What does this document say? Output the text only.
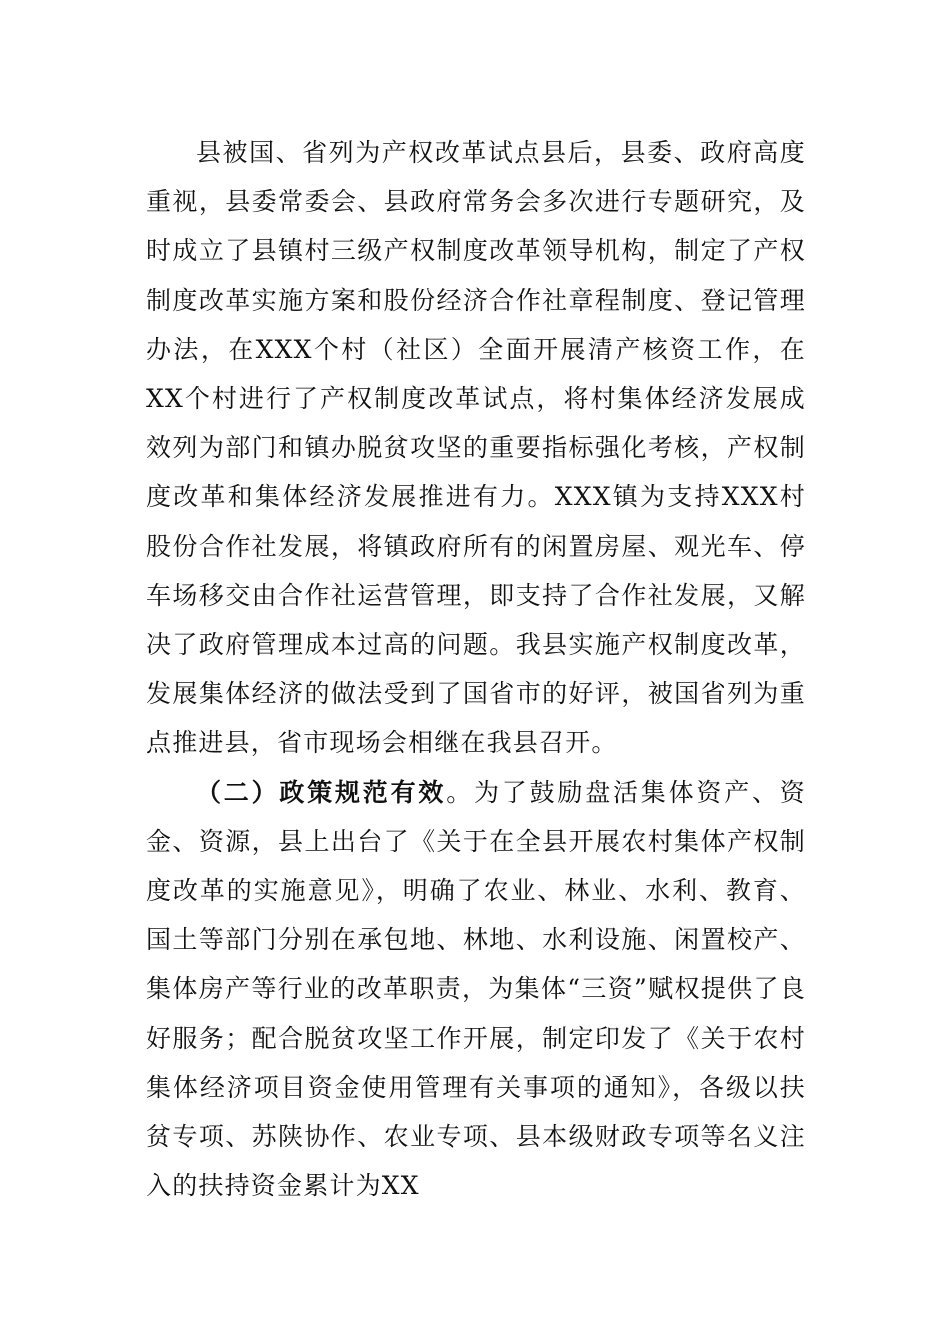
县被国、省列为产权改革试点县后，县委、政府高度重视，县委常委会、县政府常务会多次进行专题研究，及时成立了县镇村三级产权制度改革领导机构，制定了产权制度改革实施方案和股份经济合作社章程制度、登记管理办法，在XXX个村（社区）全面开展清产核资工作，在XX个村进行了产权制度改革试点，将村集体经济发展成效列为部门和镇办脱贫攻坚的重要指标强化考核，产权制度改革和集体经济发展推进有力。XXX镇为支持XXX村股份合作社发展，将镇政府所有的闲置房屋、观光车、停车场移交由合作社运营管理，即支持了合作社发展，又解决了政府管理成本过高的问题。我县实施产权制度改革，发展集体经济的做法受到了国省市的好评，被国省列为重点推进县，省市现场会相继在我县召开。

（二）政策规范有效。为了鼓励盘活集体资产、资金、资源，县上出台了《关于在全县开展农村集体产权制度改革的实施意见》，明确了农业、林业、水利、教育、国土等部门分别在承包地、林地、水利设施、闲置校产、集体房产等行业的改革职责，为集体“三资”赋权提供了良好服务；配合脱贫攻坚工作开展，制定印发了《关于农村集体经济项目资金使用管理有关事项的通知》，各级以扶贫专项、苏陕协作、农业专项、县本级财政专项等名义注入的扶持资金累计为XX
